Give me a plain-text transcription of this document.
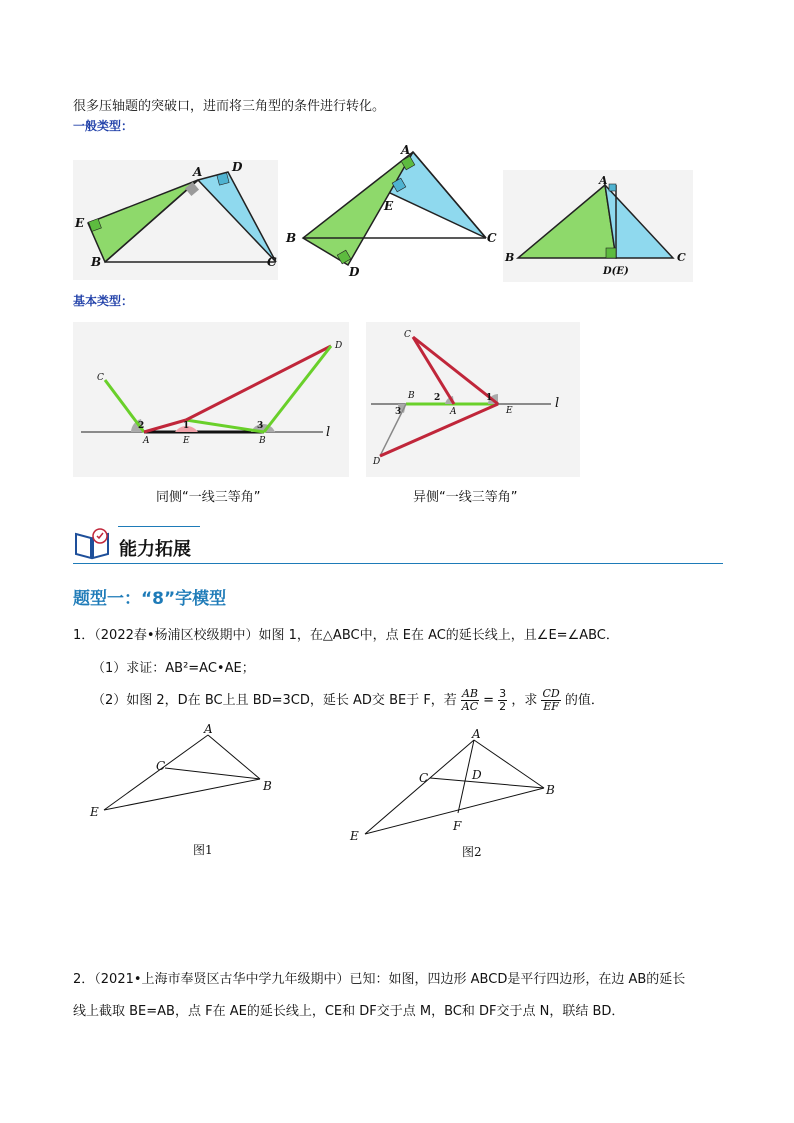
很多压轴题的突破口，进而将三角型的条件进行转化。
一般类型：
A D
E
B	C
A
E
B	C
D
A
B	C
D(E)
基本类型：
C
D
A	E	B
l
2	1	3
C
B
A	E
D
l
3
2	1
同侧“一线三等角”	异侧“一线三等角”
能力拓展
题型一：“8”字模型
1．（2022春•杨浦区校级期中）如图 1，在△ABC中，点 E在 AC的延长线上，且∠E=∠ABC．
（1）求证：AB²=AC•AE；
（2）如图 2，D在 BC上且 BD=3CD，延长 AD交 BE于 F，若 $\frac{AB}{AC} = \frac{3}{2}$ ，求 $\frac{CD}{EF}$ 的值．
A
C
B
E
A
C	D
B
F
E
图1	图2
2．（2021•上海市奉贤区古华中学九年级期中）已知：如图，四边形 ABCD是平行四边形，在边 AB的延长
线上截取 BE=AB，点 F在 AE的延长线上，CE和 DF交于点 M，BC和 DF交于点 N，联结 BD．
